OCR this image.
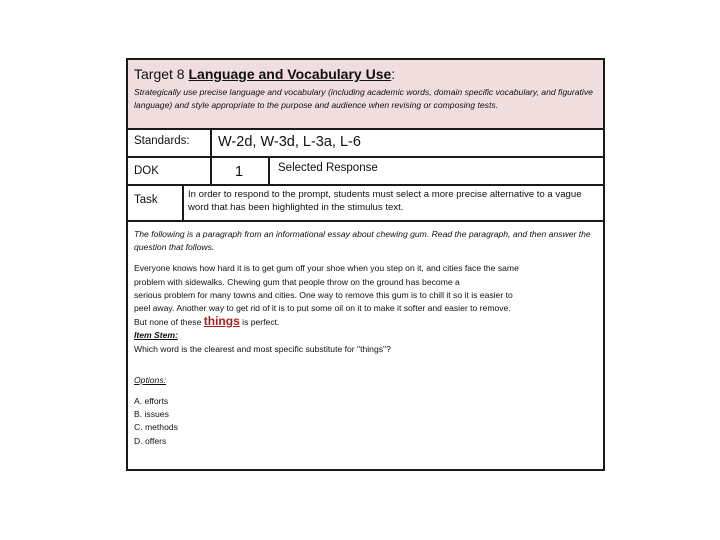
Target 8 Language and Vocabulary Use:
Strategically use precise language and vocabulary (including academic words, domain specific vocabulary, and figurative language) and style appropriate to the purpose and audience when revising or composing tests.
Standards: W-2d, W-3d, L-3a, L-6
DOK	1	Selected Response
Task	In order to respond to the prompt, students must select a more precise alternative to a vague word that has been highlighted in the stimulus text.

The following is a paragraph from an informational essay about chewing gum. Read the paragraph, and then answer the question that follows.

Everyone knows how hard it is to get gum off your shoe when you step on it, and cities face the same

problem with sidewalks. Chewing gum that people throw on the ground has become a

serious problem for many towns and cities. One way to remove this gum is to chill it so it is easier to

peel away. Another way to get rid of it is to put some oil on it to make it softer and easier to remove.

But none of these things is perfect.

Item Stem:

Which word is the clearest and most specific substitute for "things"?

Options:

A. efforts

B. issues

C. methods

D. offers
